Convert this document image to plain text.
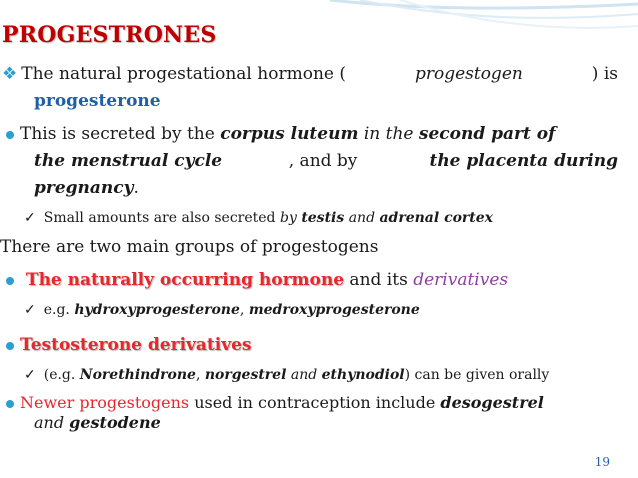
PROGESTRONES
❖ The natural progestational hormone (	progestogen	) is
progesterone
This is secreted by the corpus luteum in the second part of
the menstrual cycle	, and by	the placenta during
pregnancy.
✓ Small amounts are also secreted by testis and adrenal cortex
There are two main groups of progestogens
The naturally occurring hormone and its derivatives
✓ e.g. hydroxyprogesterone, medroxyprogesterone
Testosterone derivatives
✓ (e.g. Norethindrone, norgestrel and ethynodiol) can be given orally
Newer progestogens used in contraception include desogestrel
and gestodene
19
